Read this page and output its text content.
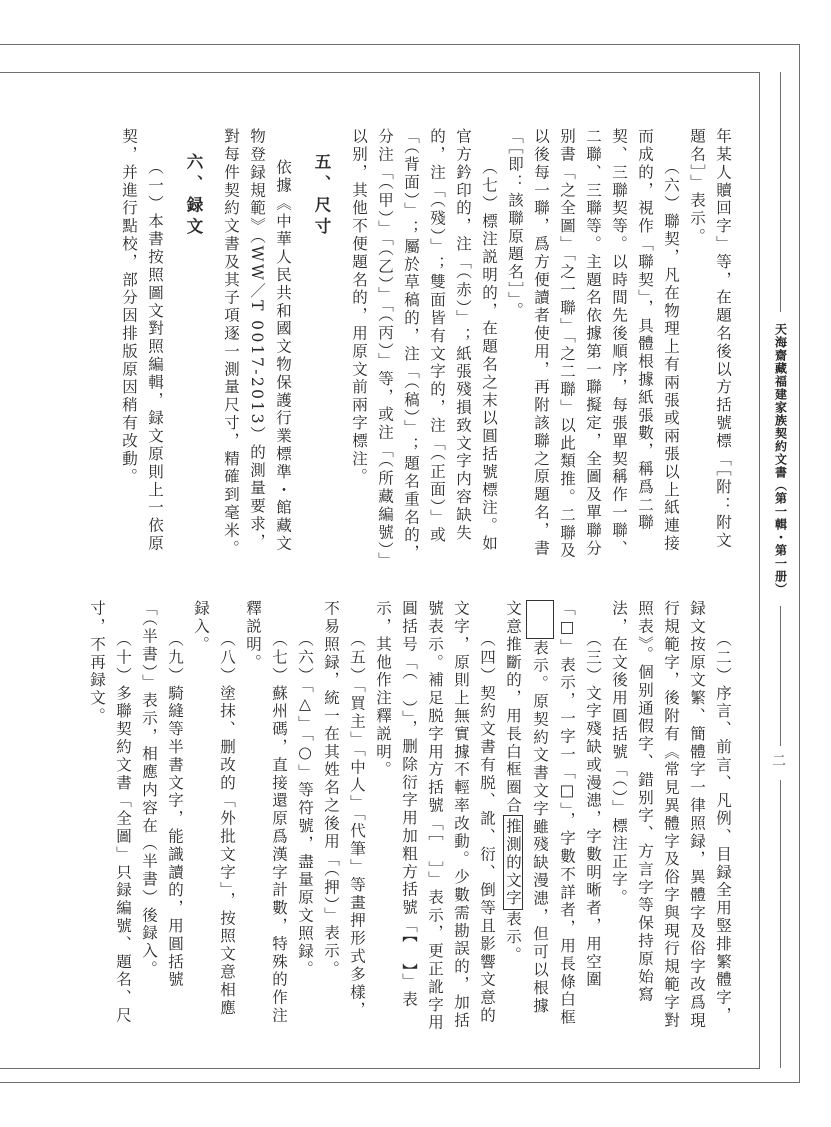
天海齋藏福建家族契約文書（第一輯・第一册）
二

年某人贖回字」等，在題名後以方括號標「［附：附文題名］」表示。

（六）聯契，凡在物理上有兩張或兩張以上紙連接而成的，視作「聯契」，具體根據紙張數，稱爲二聯契、三聯契等。以時間先後順序，每張單契稱作一聯、二聯、三聯等。主題名依據第一聯擬定，全圖及單聯分别書「之全圖」「之一聯」「之二聯」以此類推。二聯及以後每一聯，爲方便讀者使用，再附該聯之原題名，書「［即：該聯原題名］」。

（七）標注説明的，在題名之末以圓括號標注。如官方鈐印的，注「（赤）」；紙張殘損致文字内容缺失的，注「（殘）」；雙面皆有文字的，注「（正面）」或「（背面）」；屬於草稿的，注「（稿）」；題名重名的，分注「（甲）」「（乙）」「（丙）」等，或注「（所藏編號）」以别，其他不便題名的，用原文前兩字標注。

五、尺寸

依據《中華人民共和國文物保護行業標準・館藏文物登録規範》（WW／T 0017-2013）的測量要求，對每件契約文書及其子項逐一測量尺寸，精確到毫米。

六、録文

（一）本書按照圖文對照編輯，録文原則上一依原契，并進行點校，部分因排版原因稍有改動。

（二）序言、前言、凡例、目録全用竪排繁體字，録文按原文繁、簡體字一律照録，異體字及俗字改爲現行規範字，後附有《常見異體字及俗字與現行規範字對照表》。個别通假字、錯别字、方言字等保持原始寫法，在文後用圓括號「（）」標注正字。

（三）文字殘缺或漫漶，字數明晰者，用空圍「□」表示，一字一「□」，字數不詳者，用長條白框　表示。原契約文書文字雖殘缺漫漶，但可以根據文意推斷的，用長白框圈合推測的文字表示。

（四）契約文書有脱、訛、衍、倒等且影響文意的文字，原則上無實據不輕率改動。少數需勘誤的，加括號表示。補足脱字用方括號「［　］」表示，更正訛字用圓括号「（　）」，删除衍字用加粗方括號「【　】」表示，其他作注釋説明。

（五）「買主」「中人」「代筆」等畫押形式多樣，不易照録，統一在其姓名之後用「（押）」表示。

（六）「△」「○」等符號，盡量原文照録。

（七）蘇州碼，直接還原爲漢字計數，特殊的作注釋説明。

（八）塗抹、删改的「外批文字」，按照文意相應録入。

（九）騎縫等半書文字，能識讀的，用圓括號「（半書）」表示，相應内容在（半書）後録入。

（十）多聯契約文書「全圖」只録編號、題名、尺寸，不再録文。
